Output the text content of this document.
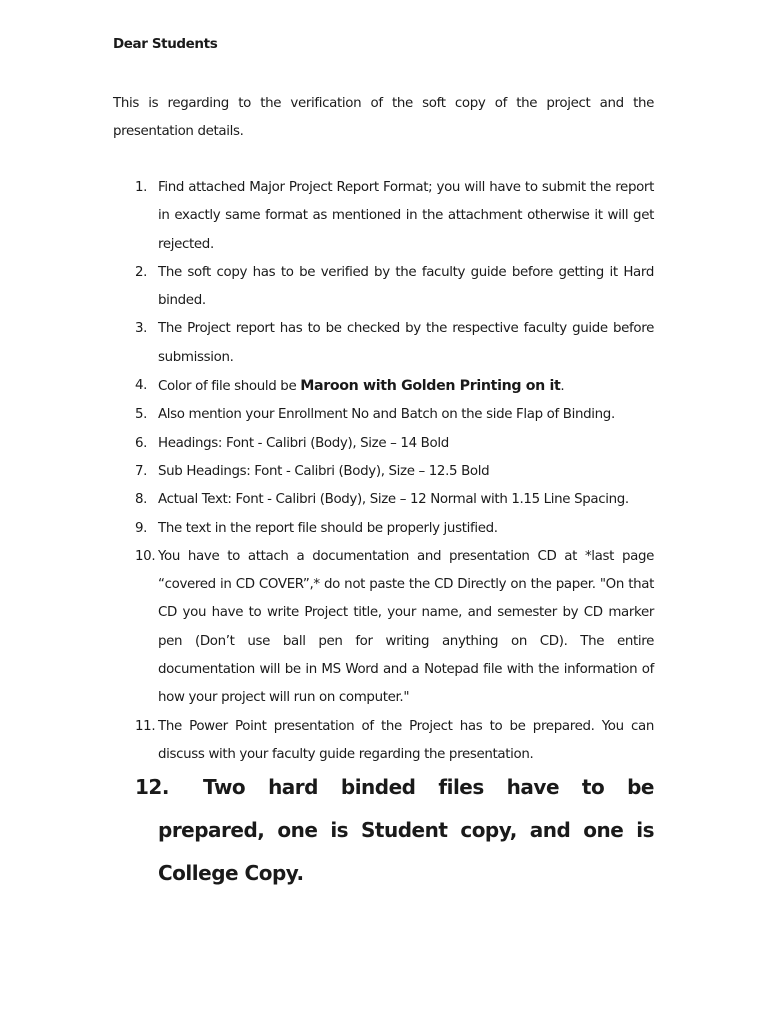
Dear Students
This is regarding to the verification of the soft copy of the project and the presentation details.
1. Find attached Major Project Report Format; you will have to submit the report in exactly same format as mentioned in the attachment otherwise it will get rejected.
2. The soft copy has to be verified by the faculty guide before getting it Hard binded.
3. The Project report has to be checked by the respective faculty guide before submission.
4. Color of file should be Maroon with Golden Printing on it.
5. Also mention your Enrollment No and Batch on the side Flap of Binding.
6. Headings: Font - Calibri (Body), Size – 14 Bold
7. Sub Headings: Font - Calibri (Body), Size – 12.5 Bold
8. Actual Text: Font - Calibri (Body), Size – 12 Normal with 1.15 Line Spacing.
9. The text in the report file should be properly justified.
10. You have to attach a documentation and presentation CD at *last page “covered in CD COVER”,* do not paste the CD Directly on the paper. "On that CD you have to write Project title, your name, and semester by CD marker pen (Don’t use ball pen for writing anything on CD). The entire documentation will be in MS Word and a Notepad file with the information of how your project will run on computer."
11. The Power Point presentation of the Project has to be prepared. You can discuss with your faculty guide regarding the presentation.
12.	Two hard binded files have to be prepared, one is Student copy, and one is College Copy.
